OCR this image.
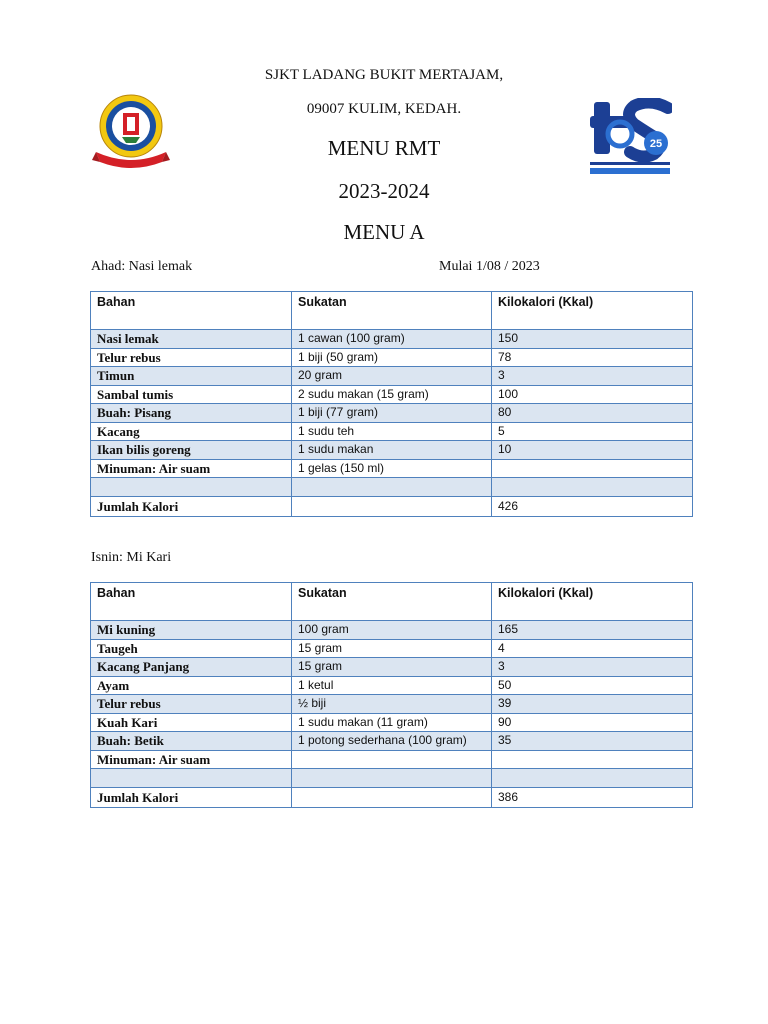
SJKT LADANG BUKIT MERTAJAM,
09007 KULIM, KEDAH.
MENU RMT
2023-2024
MENU A
25
Ahad: Nasi lemak	Mulai 1/08 / 2023
Bahan	Sukatan	Kilokalori (Kkal)
Nasi lemak	1 cawan (100 gram)	150
Telur rebus	1 biji (50 gram)	78
Timun	20 gram	3
Sambal tumis	2 sudu makan (15 gram)	100
Buah: Pisang	1 biji (77 gram)	80
Kacang	1 sudu teh	5
Ikan bilis goreng	1 sudu makan	10
Minuman: Air suam	1 gelas (150 ml)	

Jumlah Kalori		426
Isnin: Mi Kari
Bahan	Sukatan	Kilokalori (Kkal)
Mi kuning	100 gram	165
Taugeh	15 gram	4
Kacang Panjang	15 gram	3
Ayam	1 ketul	50
Telur rebus	½ biji	39
Kuah Kari	1 sudu makan (11 gram)	90
Buah: Betik	1 potong sederhana (100 gram)	35
Minuman: Air suam		

Jumlah Kalori		386
